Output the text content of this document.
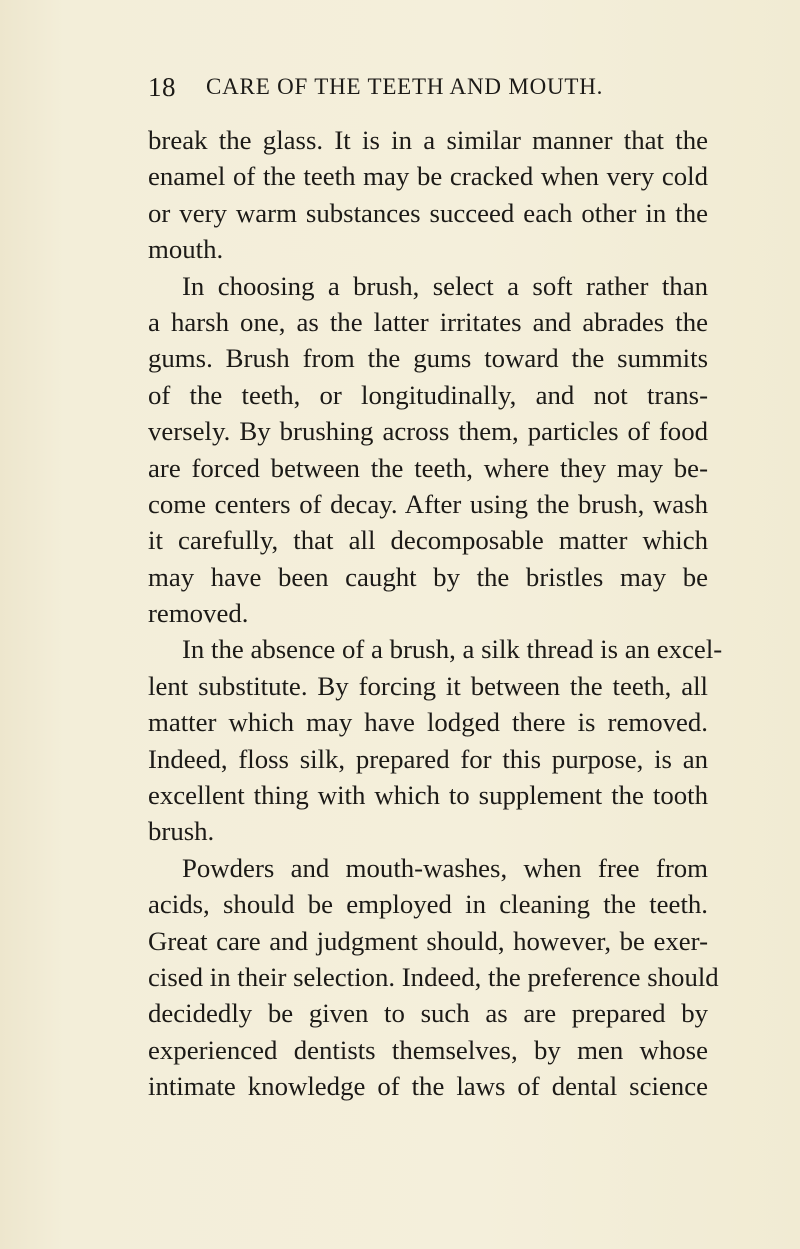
18 CARE OF THE TEETH AND MOUTH.
break the glass. It is in a similar manner that the
enamel of the teeth may be cracked when very cold
or very warm substances succeed each other in the
mouth.
In choosing a brush, select a soft rather than
a harsh one, as the latter irritates and abrades the
gums. Brush from the gums toward the summits
of the teeth, or longitudinally, and not trans-
versely. By brushing across them, particles of food
are forced between the teeth, where they may be-
come centers of decay. After using the brush, wash
it carefully, that all decomposable matter which
may have been caught by the bristles may be
removed.
In the absence of a brush, a silk thread is an excel-
lent substitute. By forcing it between the teeth, all
matter which may have lodged there is removed.
Indeed, floss silk, prepared for this purpose, is an
excellent thing with which to supplement the tooth
brush.
Powders and mouth-washes, when free from
acids, should be employed in cleaning the teeth.
Great care and judgment should, however, be exer-
cised in their selection. Indeed, the preference should
decidedly be given to such as are prepared by
experienced dentists themselves, by men whose
intimate knowledge of the laws of dental science
